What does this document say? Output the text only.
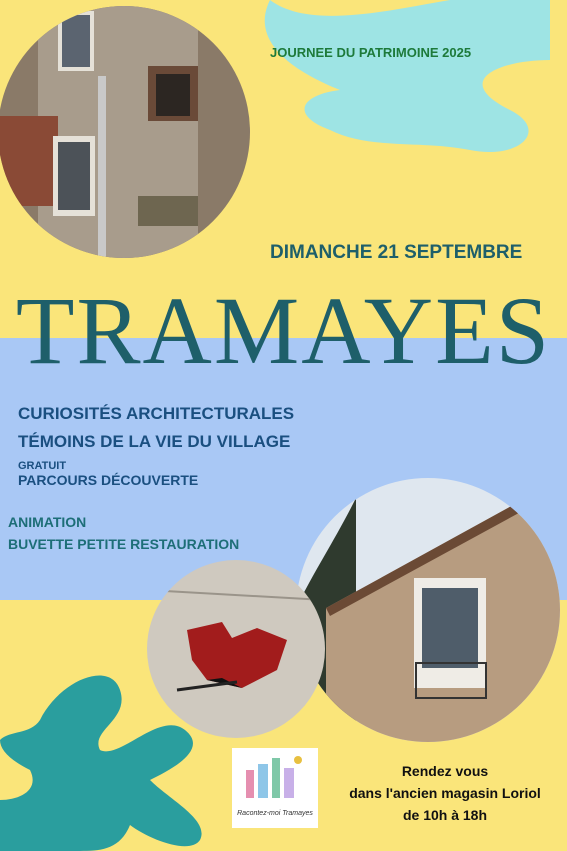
JOURNEE DU PATRIMOINE 2025
DIMANCHE 21 SEPTEMBRE
TRAMAYES
CURIOSITÉS ARCHITECTURALES
TÉMOINS DE LA VIE DU VILLAGE
GRATUIT
PARCOURS DÉCOUVERTE
ANIMATION
BUVETTE PETITE RESTAURATION
Racontez-moi Tramayes
Rendez vous
dans l'ancien magasin Loriol
de 10h à 18h
